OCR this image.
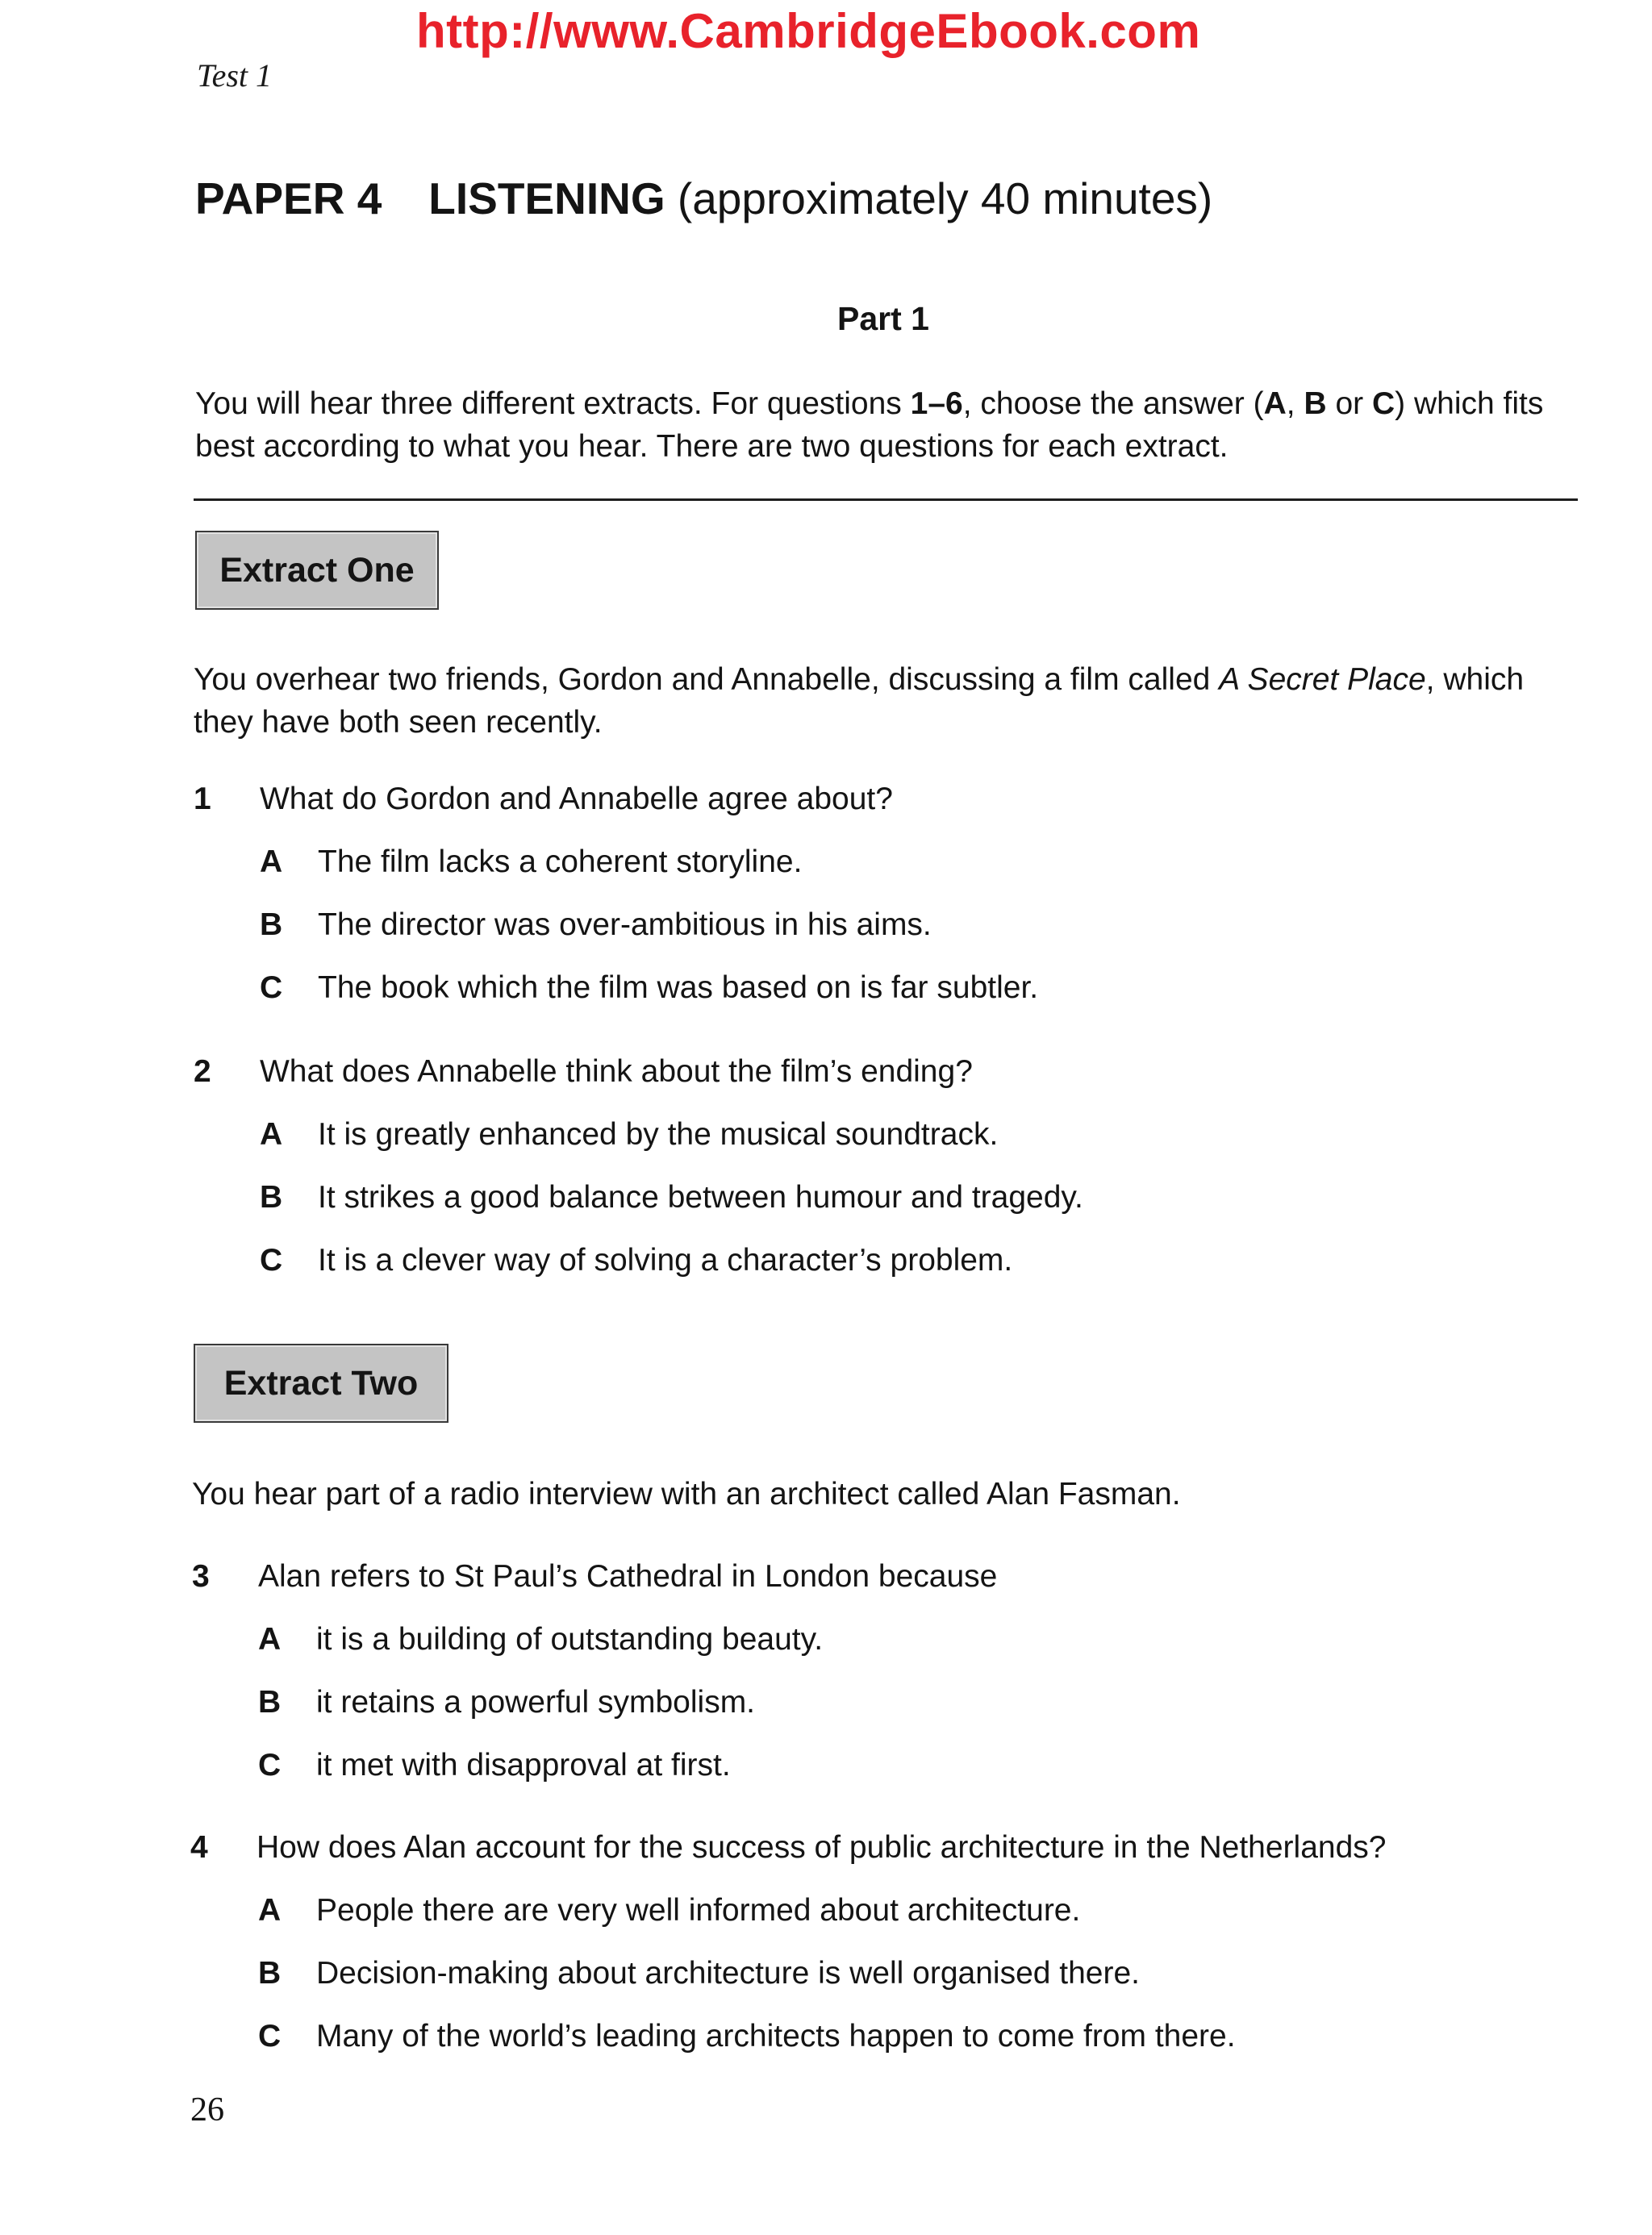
http://www.CambridgeEbook.com
Test 1
PAPER 4 LISTENING (approximately 40 minutes)
Part 1
You will hear three different extracts. For questions 1–6, choose the answer (A, B or C) which fits
best according to what you hear. There are two questions for each extract.
Extract One
You overhear two friends, Gordon and Annabelle, discussing a film called A Secret Place, which
they have both seen recently.
1 What do Gordon and Annabelle agree about?
A The film lacks a coherent storyline.
B The director was over-ambitious in his aims.
C The book which the film was based on is far subtler.
2 What does Annabelle think about the film’s ending?
A It is greatly enhanced by the musical soundtrack.
B It strikes a good balance between humour and tragedy.
C It is a clever way of solving a character’s problem.
Extract Two
You hear part of a radio interview with an architect called Alan Fasman.
3 Alan refers to St Paul’s Cathedral in London because
A it is a building of outstanding beauty.
B it retains a powerful symbolism.
C it met with disapproval at first.
4 How does Alan account for the success of public architecture in the Netherlands?
A People there are very well informed about architecture.
B Decision-making about architecture is well organised there.
C Many of the world’s leading architects happen to come from there.
26
